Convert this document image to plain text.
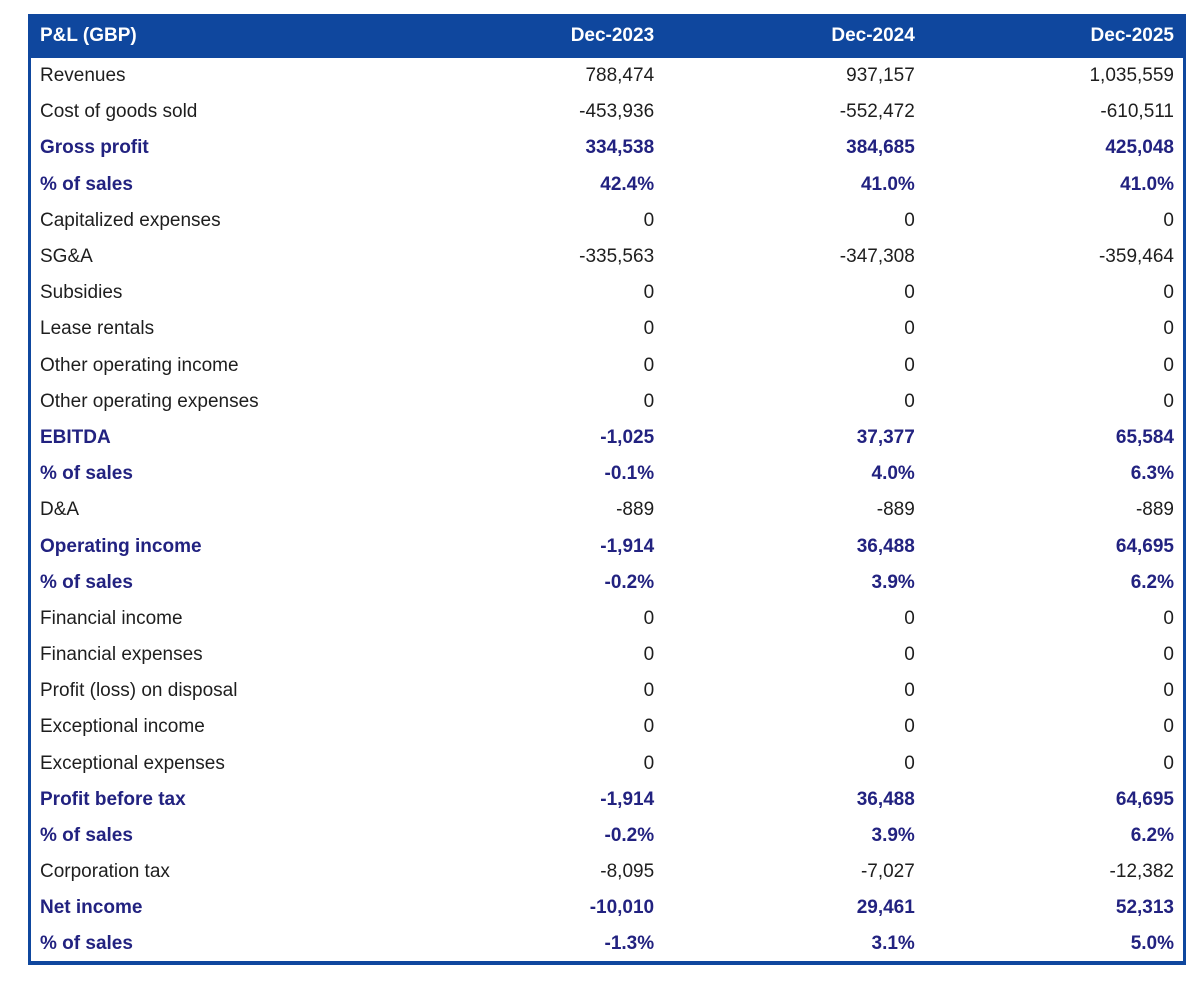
P&L (GBP)	Dec-2023	Dec-2024	Dec-2025
Revenues	788,474	937,157	1,035,559
Cost of goods sold	-453,936	-552,472	-610,511
Gross profit	334,538	384,685	425,048
% of sales	42.4%	41.0%	41.0%
Capitalized expenses	0	0	0
SG&A	-335,563	-347,308	-359,464
Subsidies	0	0	0
Lease rentals	0	0	0
Other operating income	0	0	0
Other operating expenses	0	0	0
EBITDA	-1,025	37,377	65,584
% of sales	-0.1%	4.0%	6.3%
D&A	-889	-889	-889
Operating income	-1,914	36,488	64,695
% of sales	-0.2%	3.9%	6.2%
Financial income	0	0	0
Financial expenses	0	0	0
Profit (loss) on disposal	0	0	0
Exceptional income	0	0	0
Exceptional expenses	0	0	0
Profit before tax	-1,914	36,488	64,695
% of sales	-0.2%	3.9%	6.2%
Corporation tax	-8,095	-7,027	-12,382
Net income	-10,010	29,461	52,313
% of sales	-1.3%	3.1%	5.0%
